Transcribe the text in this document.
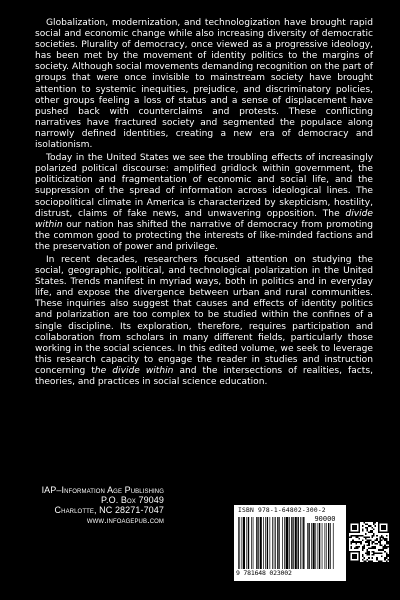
Globalization, modernization, and technologization have brought rapid social and economic change while also increasing diversity of democratic societies. Plurality of democracy, once viewed as a progressive ideology, has been met by the movement of identity politics to the margins of society. Although social movements demanding recognition on the part of groups that were once invisible to mainstream society have brought attention to systemic inequities, prejudice, and discriminatory policies, other groups feeling a loss of status and a sense of displacement have pushed back with counterclaims and protests. These conflicting narratives have fractured society and segmented the populace along narrowly defined identities, creating a new era of democracy and isolationism.

Today in the United States we see the troubling effects of increasingly polarized political discourse: amplified gridlock within government, the politicization and fragmentation of economic and social life, and the suppression of the spread of information across ideological lines. The sociopolitical climate in America is characterized by skepticism, hostility, distrust, claims of fake news, and unwavering opposition. The divide within our nation has shifted the narrative of democracy from promoting the common good to protecting the interests of like-minded factions and the preservation of power and privilege.

In recent decades, researchers focused attention on studying the social, geographic, political, and technological polarization in the United States. Trends manifest in myriad ways, both in politics and in everyday life, and expose the divergence between urban and rural communities. These inquiries also suggest that causes and effects of identity politics and polarization are too complex to be studied within the confines of a single discipline. Its exploration, therefore, requires participation and collaboration from scholars in many different fields, particularly those working in the social sciences. In this edited volume, we seek to leverage this research capacity to engage the reader in studies and instruction concerning the divide within and the intersections of realities, facts, theories, and practices in social science education.

IAP–Information Age Publishing
P.O. Box 79049
Charlotte, NC 28271-7047
www.infoagepub.com
ISBN 978-1-64802-300-2
90000
9 781648 023002
